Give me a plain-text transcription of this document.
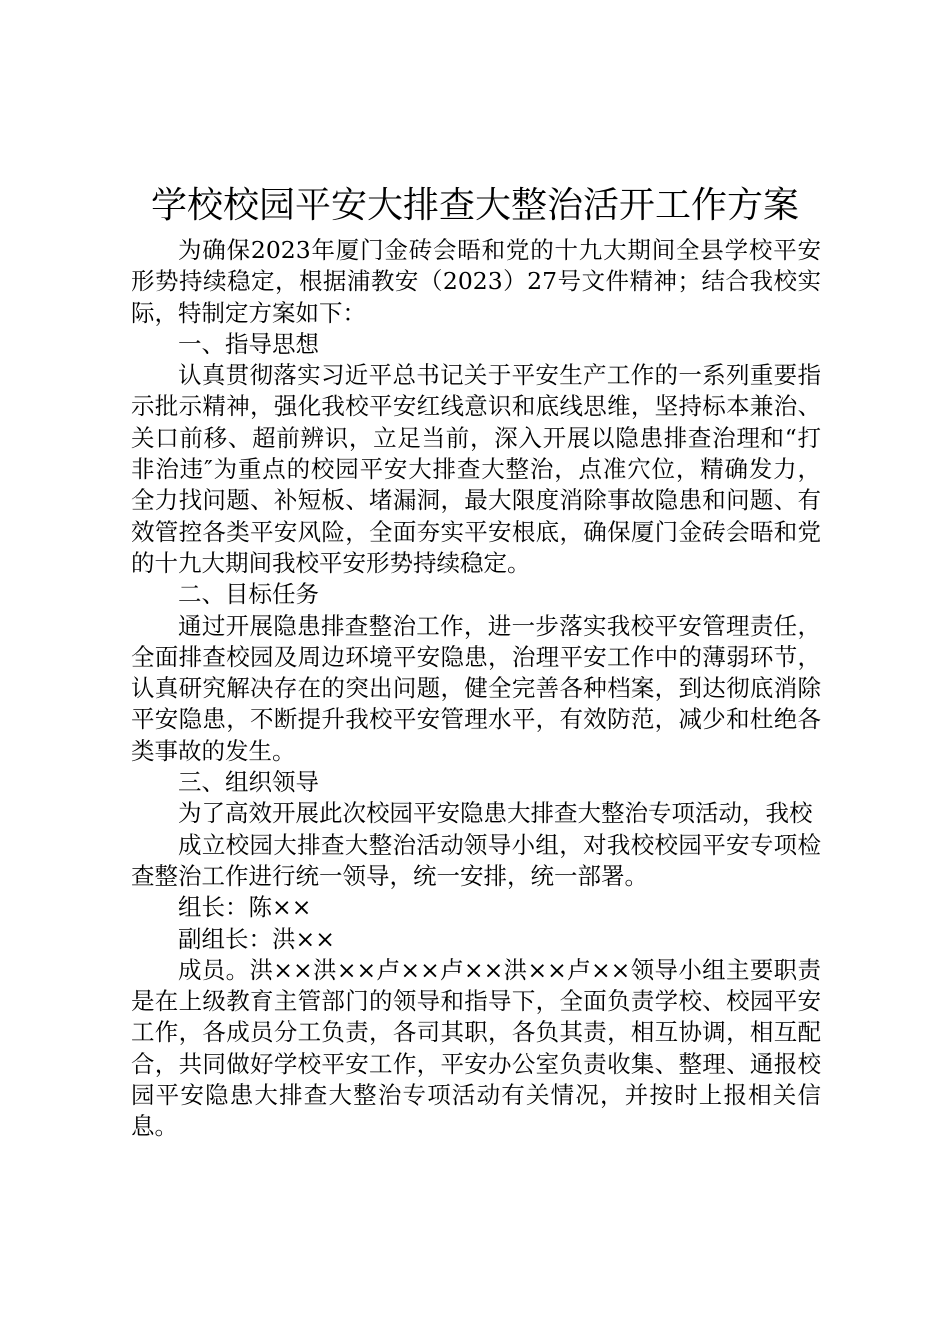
学校校园平安大排查大整治活开工作方案

为确保2023年厦门金砖会晤和党的十九大期间全县学校平安形势持续稳定，根据浦教安（2023）27号文件精神；结合我校实际，特制定方案如下：

一、指导思想

认真贯彻落实习近平总书记关于平安生产工作的一系列重要指示批示精神，强化我校平安红线意识和底线思维，坚持标本兼治、关口前移、超前辨识，立足当前，深入开展以隐患排查治理和“打非治违″为重点的校园平安大排查大整治，点准穴位，精确发力，全力找问题、补短板、堵漏洞，最大限度消除事故隐患和问题、有效管控各类平安风险，全面夯实平安根底，确保厦门金砖会晤和党的十九大期间我校平安形势持续稳定。

二、目标任务

通过开展隐患排查整治工作，进一步落实我校平安管理责任，全面排查校园及周边环境平安隐患，治理平安工作中的薄弱环节，认真研究解决存在的突出问题，健全完善各种档案，到达彻底消除平安隐患，不断提升我校平安管理水平，有效防范，减少和杜绝各类事故的发生。

三、组织领导

为了高效开展此次校园平安隐患大排查大整治专项活动，我校

成立校园大排查大整治活动领导小组，对我校校园平安专项检查整治工作进行统一领导，统一安排，统一部署。

组长：陈××

副组长：洪××

成员。洪××洪××卢××卢××洪××卢××领导小组主要职责是在上级教育主管部门的领导和指导下，全面负责学校、校园平安工作，各成员分工负责，各司其职，各负其责，相互协调，相互配合，共同做好学校平安工作，平安办公室负责收集、整理、通报校园平安隐患大排查大整治专项活动有关情况，并按时上报相关信息。
